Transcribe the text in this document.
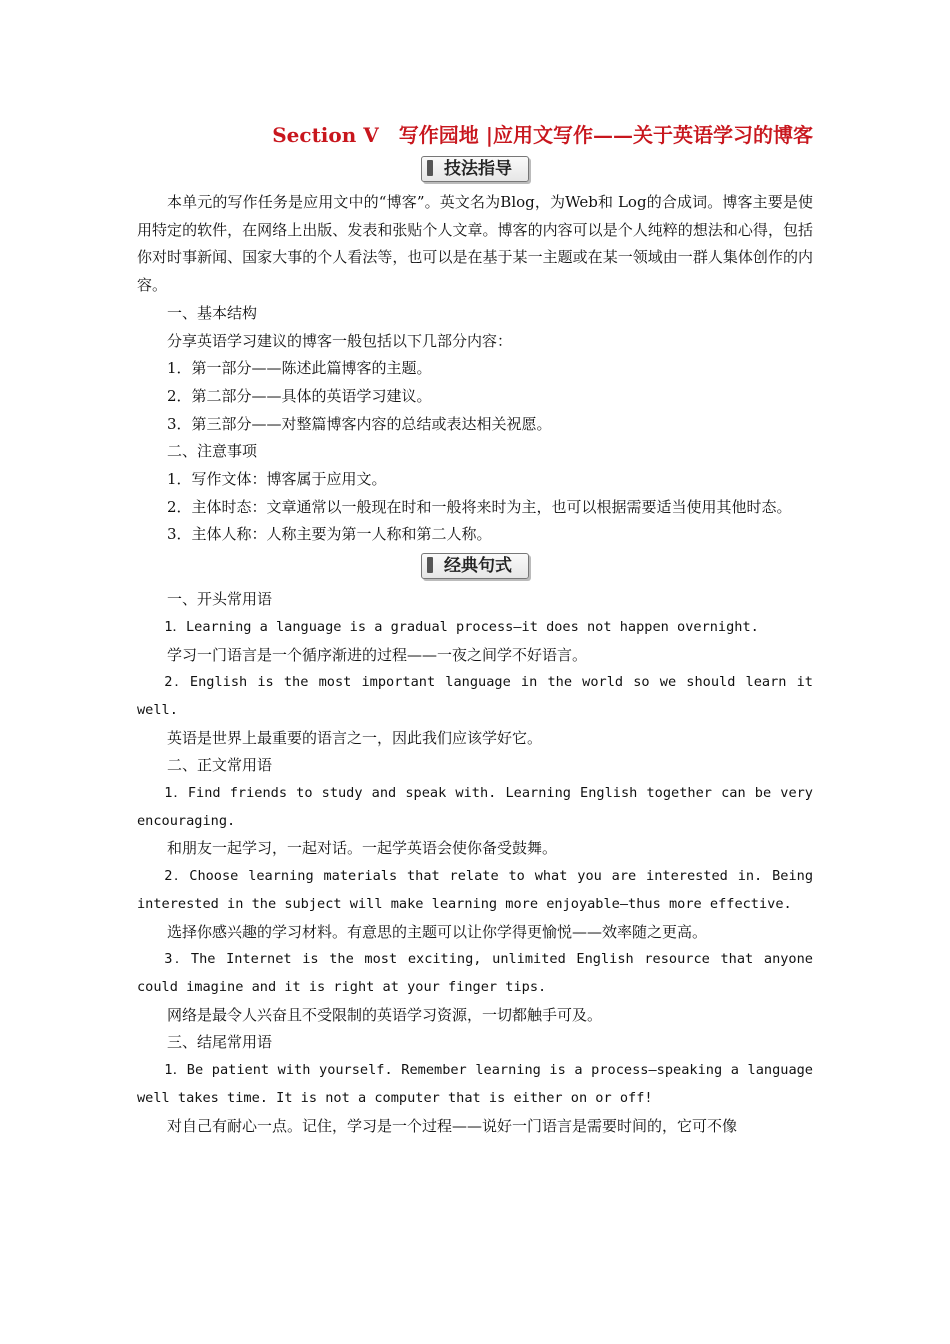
Section Ⅴ　写作园地 |应用文写作——关于英语学习的博客
技法指导

本单元的写作任务是应用文中的“博客”。英文名为Blog，为Web和 Log的合成词。博客主要是使用特定的软件，在网络上出版、发表和张贴个人文章。博客的内容可以是个人纯粹的想法和心得，包括你对时事新闻、国家大事的个人看法等，也可以是在基于某一主题或在某一领域由一群人集体创作的内容。

一、基本结构

分享英语学习建议的博客一般包括以下几部分内容：

1．第一部分——陈述此篇博客的主题。

2．第二部分——具体的英语学习建议。

3．第三部分——对整篇博客内容的总结或表达相关祝愿。

二、注意事项

1．写作文体：博客属于应用文。

2．主体时态：文章通常以一般现在时和一般将来时为主，也可以根据需要适当使用其他时态。

3．主体人称：人称主要为第一人称和第二人称。

经典句式

一、开头常用语

1．Learning a language is a gradual process—it does not happen overnight.

学习一门语言是一个循序渐进的过程——一夜之间学不好语言。

2．English is the most important language in the world so we should learn it well.

英语是世界上最重要的语言之一，因此我们应该学好它。

二、正文常用语

1．Find friends to study and speak with. Learning English together can be very encouraging.

和朋友一起学习，一起对话。一起学英语会使你备受鼓舞。

2．Choose learning materials that relate to what you are interested in. Being interested in the subject will make learning more enjoyable—thus more effective.

选择你感兴趣的学习材料。有意思的主题可以让你学得更愉悦——效率随之更高。

3．The Internet is the most exciting, unlimited English resource that anyone could imagine and it is right at your finger tips.

网络是最令人兴奋且不受限制的英语学习资源，一切都触手可及。

三、结尾常用语

1．Be patient with yourself. Remember learning is a process—speaking a language well takes time. It is not a computer that is either on or off!

对自己有耐心一点。记住，学习是一个过程——说好一门语言是需要时间的，它可不像
